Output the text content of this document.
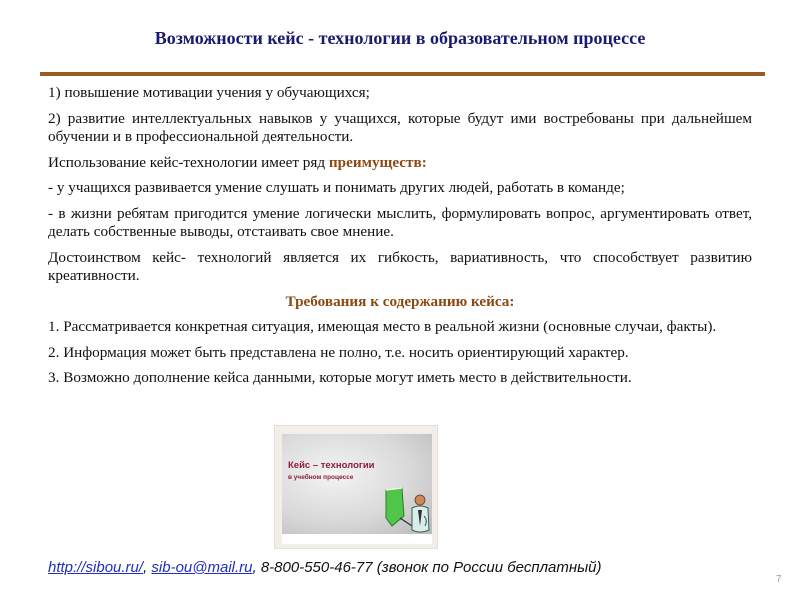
Возможности кейс - технологии в образовательном процессе

1) повышение мотивации учения у обучающихся;

2) развитие интеллектуальных навыков у учащихся, которые будут ими востребованы при дальнейшем обучении и в профессиональной деятельности.

Использование кейс-технологии имеет ряд преимуществ:

- у учащихся развивается умение слушать и понимать других людей, работать в команде;

- в жизни ребятам пригодится умение логически мыслить, формулировать вопрос, аргументировать ответ, делать собственные выводы, отстаивать свое мнение.

Достоинством кейс- технологий является их гибкость, вариативность, что способствует развитию креативности.

Требования к содержанию кейса:

1. Рассматривается конкретная ситуация, имеющая место в реальной жизни (основные случаи, факты).

2. Информация может быть представлена не полно, т.е. носить ориентирующий характер.

3. Возможно дополнение кейса данными, которые могут иметь место в действительности.

Кейс – технологии
в учебном процессе
http://sibou.ru/, sib-ou@mail.ru, 8-800-550-46-77 (звонок по России бесплатный)
7
